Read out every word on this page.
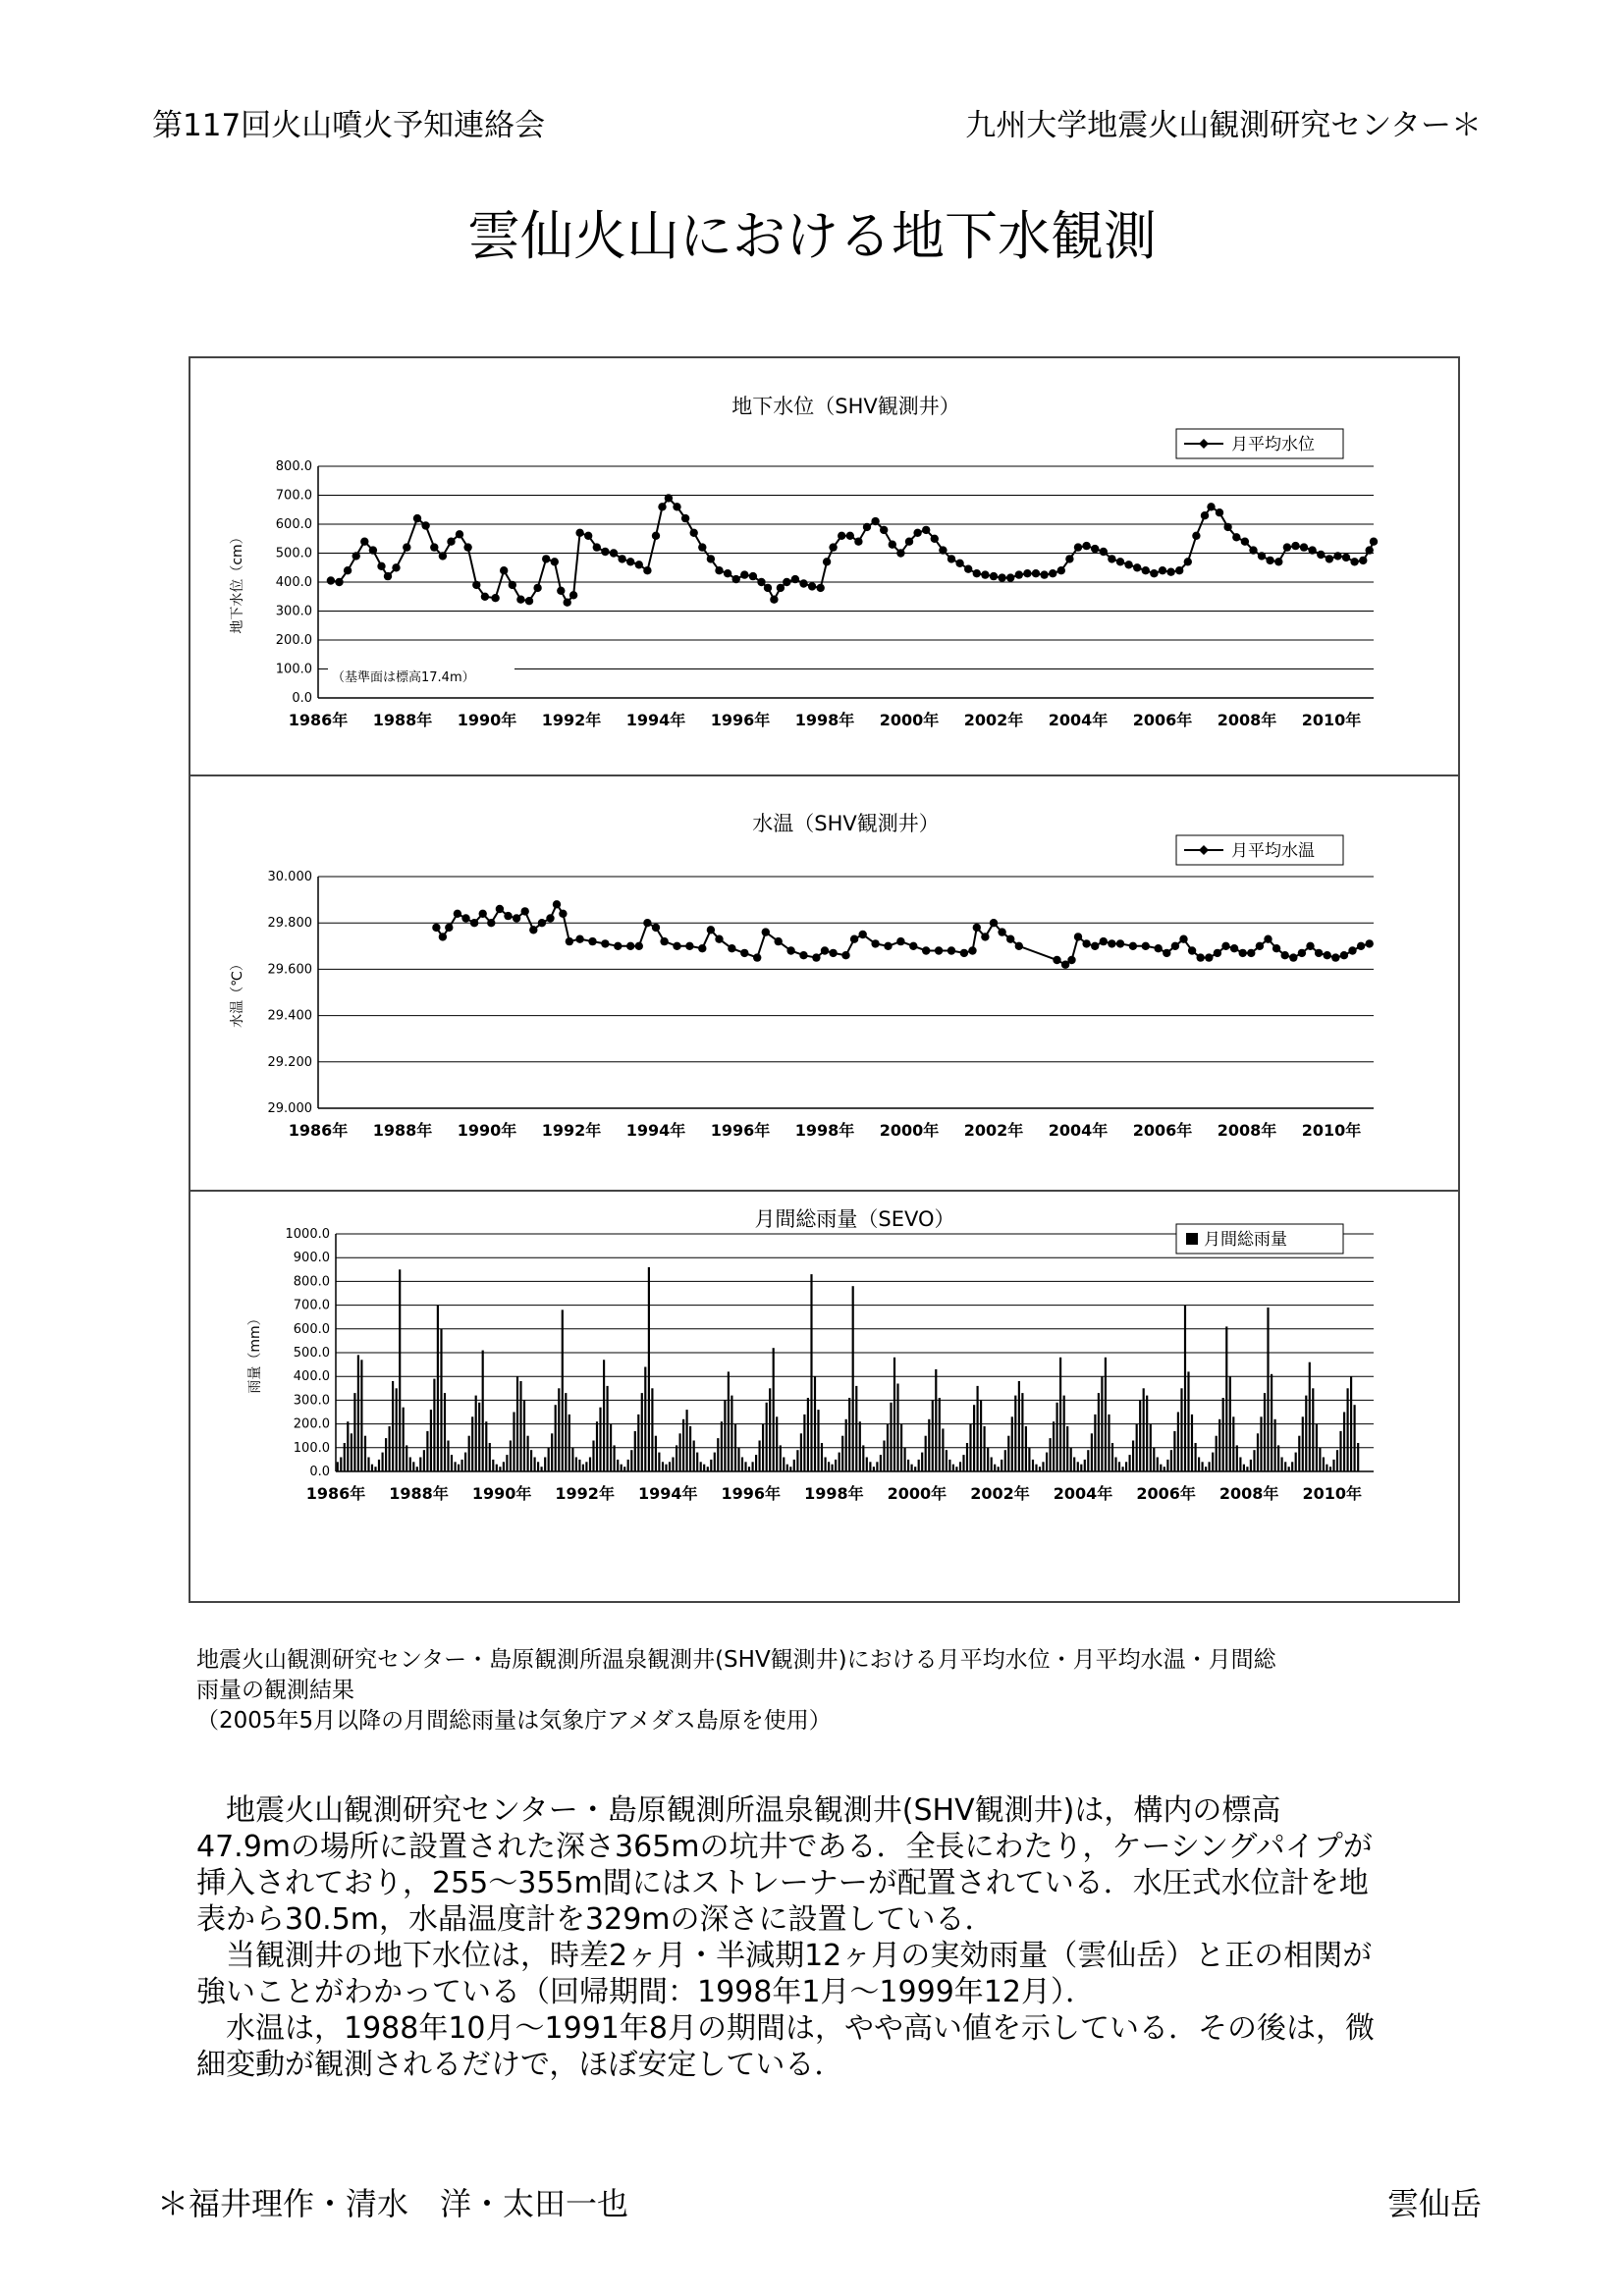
第117回火山噴火予知連絡会	九州大学地震火山観測研究センター＊
雲仙火山における地下水観測
地下水位（SHV観測井）
800.0
700.0
600.0
500.0
400.0
300.0
200.0
100.0
0.0
1986年 1988年 1990年 1992年 1994年 1996年 1998年 2000年 2002年 2004年 2006年 2008年 2010年
地下水位（cm）
月平均水位
（基準面は標高17.4m）
水温（SHV観測井）
30.000
29.800
29.600
29.400
29.200
29.000
1986年 1988年 1990年 1992年 1994年 1996年 1998年 2000年 2002年 2004年 2006年 2008年 2010年
水温（℃）
月平均水温
月間総雨量（SEVO）
1000.0
900.0
800.0
700.0
600.0
500.0
400.0
300.0
200.0
100.0
0.0
1986年 1988年 1990年 1992年 1994年 1996年 1998年 2000年 2002年 2004年 2006年 2008年 2010年
雨量（mm）
月間総雨量
地震火山観測研究センター・島原観測所温泉観測井(SHV観測井)における月平均水位・月平均水温・月間総
雨量の観測結果
（2005年5月以降の月間総雨量は気象庁アメダス島原を使用）
　地震火山観測研究センター・島原観測所温泉観測井(SHV観測井)は，構内の標高
47.9mの場所に設置された深さ365mの坑井である．全長にわたり，ケーシングパイプが
挿入されており，255～355m間にはストレーナーが配置されている．水圧式水位計を地
表から30.5m，水晶温度計を329mの深さに設置している．
　当観測井の地下水位は，時差2ヶ月・半減期12ヶ月の実効雨量（雲仙岳）と正の相関が
強いことがわかっている（回帰期間：1998年1月～1999年12月）．
　水温は，1988年10月～1991年8月の期間は，やや高い値を示している．その後は，微
細変動が観測されるだけで，ほぼ安定している．
＊福井理作・清水　洋・太田一也	雲仙岳
